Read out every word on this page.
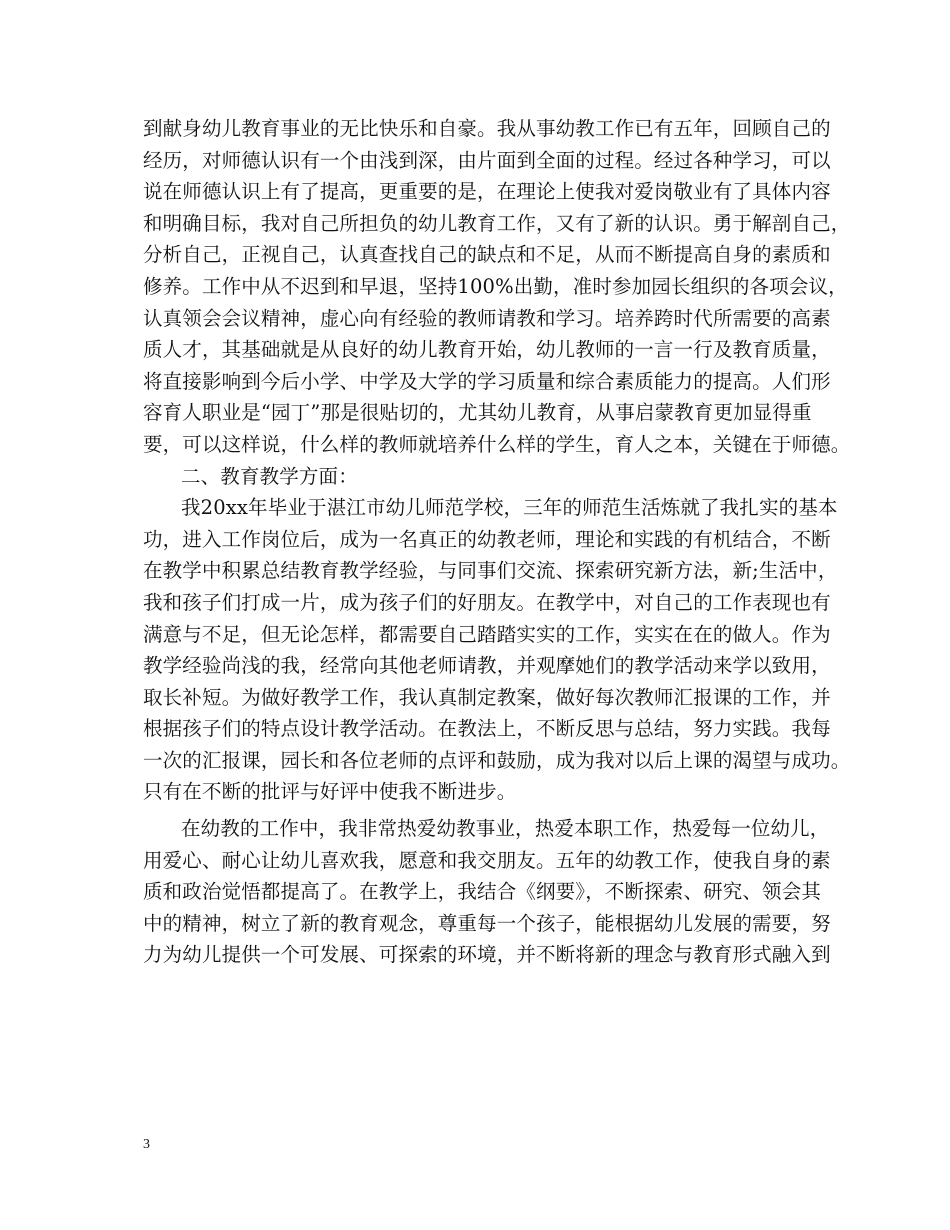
到献身幼儿教育事业的无比快乐和自豪。我从事幼教工作已有五年，回顾自己的
经历，对师德认识有一个由浅到深，由片面到全面的过程。经过各种学习，可以
说在师德认识上有了提高，更重要的是，在理论上使我对爱岗敬业有了具体内容
和明确目标，我对自己所担负的幼儿教育工作，又有了新的认识。勇于解剖自己，
分析自己，正视自己，认真查找自己的缺点和不足，从而不断提高自身的素质和
修养。工作中从不迟到和早退，坚持100%出勤，准时参加园长组织的各项会议，
认真领会会议精神，虚心向有经验的教师请教和学习。培养跨时代所需要的高素
质人才，其基础就是从良好的幼儿教育开始，幼儿教师的一言一行及教育质量，
将直接影响到今后小学、中学及大学的学习质量和综合素质能力的提高。人们形
容育人职业是“园丁”那是很贴切的，尤其幼儿教育，从事启蒙教育更加显得重
要，可以这样说，什么样的教师就培养什么样的学生，育人之本，关键在于师德。
二、教育教学方面：
我20xx年毕业于湛江市幼儿师范学校，三年的师范生活炼就了我扎实的基本
功，进入工作岗位后，成为一名真正的幼教老师，理论和实践的有机结合，不断
在教学中积累总结教育教学经验，与同事们交流、探索研究新方法，新;生活中，
我和孩子们打成一片，成为孩子们的好朋友。在教学中，对自己的工作表现也有
满意与不足，但无论怎样，都需要自己踏踏实实的工作，实实在在的做人。作为
教学经验尚浅的我，经常向其他老师请教，并观摩她们的教学活动来学以致用，
取长补短。为做好教学工作，我认真制定教案，做好每次教师汇报课的工作，并
根据孩子们的特点设计教学活动。在教法上，不断反思与总结，努力实践。我每
一次的汇报课，园长和各位老师的点评和鼓励，成为我对以后上课的渴望与成功。
只有在不断的批评与好评中使我不断进步。
在幼教的工作中，我非常热爱幼教事业，热爱本职工作，热爱每一位幼儿，
用爱心、耐心让幼儿喜欢我，愿意和我交朋友。五年的幼教工作，使我自身的素
质和政治觉悟都提高了。在教学上，我结合《纲要》，不断探索、研究、领会其
中的精神，树立了新的教育观念，尊重每一个孩子，能根据幼儿发展的需要，努
力为幼儿提供一个可发展、可探索的环境，并不断将新的理念与教育形式融入到
3
